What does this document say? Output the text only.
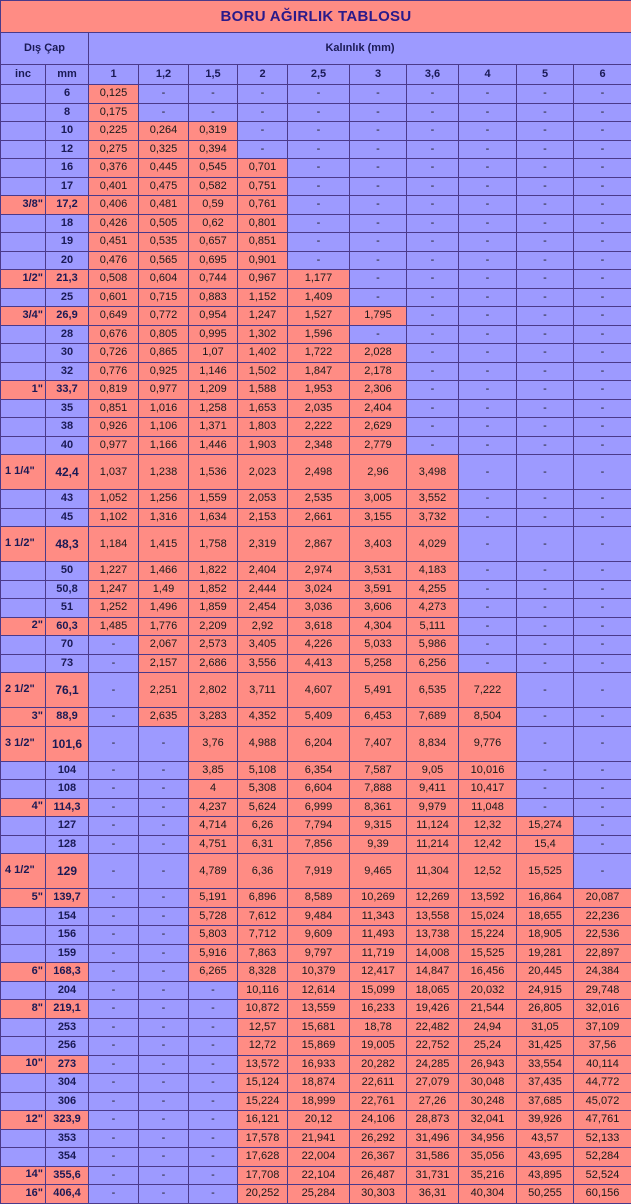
BORU AĞIRLIK TABLOSU											
Dış Çap		Kalınlık (mm)									
inc	mm	1	1,2	1,5	2	2,5	3	3,6	4	5	6
	6	0,125	-	-	-	-	-	-	-	-	-
	8	0,175	-	-	-	-	-	-	-	-	-
	10	0,225	0,264	0,319	-	-	-	-	-	-	-
	12	0,275	0,325	0,394	-	-	-	-	-	-	-
	16	0,376	0,445	0,545	0,701	-	-	-	-	-	-
	17	0,401	0,475	0,582	0,751	-	-	-	-	-	-
3/8"	17,2	0,406	0,481	0,59	0,761	-	-	-	-	-	-
	18	0,426	0,505	0,62	0,801	-	-	-	-	-	-
	19	0,451	0,535	0,657	0,851	-	-	-	-	-	-
	20	0,476	0,565	0,695	0,901	-	-	-	-	-	-
1/2"	21,3	0,508	0,604	0,744	0,967	1,177	-	-	-	-	-
	25	0,601	0,715	0,883	1,152	1,409	-	-	-	-	-
3/4"	26,9	0,649	0,772	0,954	1,247	1,527	1,795	-	-	-	-
	28	0,676	0,805	0,995	1,302	1,596	-	-	-	-	-
	30	0,726	0,865	1,07	1,402	1,722	2,028	-	-	-	-
	32	0,776	0,925	1,146	1,502	1,847	2,178	-	-	-	-
1"	33,7	0,819	0,977	1,209	1,588	1,953	2,306	-	-	-	-
	35	0,851	1,016	1,258	1,653	2,035	2,404	-	-	-	-
	38	0,926	1,106	1,371	1,803	2,222	2,629	-	-	-	-
	40	0,977	1,166	1,446	1,903	2,348	2,779	-	-	-	-
1 1/4"	42,4	1,037	1,238	1,536	2,023	2,498	2,96	3,498	-	-	-
	43	1,052	1,256	1,559	2,053	2,535	3,005	3,552	-	-	-
	45	1,102	1,316	1,634	2,153	2,661	3,155	3,732	-	-	-
1 1/2"	48,3	1,184	1,415	1,758	2,319	2,867	3,403	4,029	-	-	-
	50	1,227	1,466	1,822	2,404	2,974	3,531	4,183	-	-	-
	50,8	1,247	1,49	1,852	2,444	3,024	3,591	4,255	-	-	-
	51	1,252	1,496	1,859	2,454	3,036	3,606	4,273	-	-	-
2"	60,3	1,485	1,776	2,209	2,92	3,618	4,304	5,111	-	-	-
	70	-	2,067	2,573	3,405	4,226	5,033	5,986	-	-	-
	73	-	2,157	2,686	3,556	4,413	5,258	6,256	-	-	-
2 1/2"	76,1	-	2,251	2,802	3,711	4,607	5,491	6,535	7,222	-	-
3"	88,9	-	2,635	3,283	4,352	5,409	6,453	7,689	8,504	-	-
3 1/2"	101,6	-	-	3,76	4,988	6,204	7,407	8,834	9,776	-	-
	104	-	-	3,85	5,108	6,354	7,587	9,05	10,016	-	-
	108	-	-	4	5,308	6,604	7,888	9,411	10,417	-	-
4"	114,3	-	-	4,237	5,624	6,999	8,361	9,979	11,048	-	-
	127	-	-	4,714	6,26	7,794	9,315	11,124	12,32	15,274	-
	128	-	-	4,751	6,31	7,856	9,39	11,214	12,42	15,4	-
4 1/2"	129	-	-	4,789	6,36	7,919	9,465	11,304	12,52	15,525	-
5"	139,7	-	-	5,191	6,896	8,589	10,269	12,269	13,592	16,864	20,087
	154	-	-	5,728	7,612	9,484	11,343	13,558	15,024	18,655	22,236
	156	-	-	5,803	7,712	9,609	11,493	13,738	15,224	18,905	22,536
	159	-	-	5,916	7,863	9,797	11,719	14,008	15,525	19,281	22,897
6"	168,3	-	-	6,265	8,328	10,379	12,417	14,847	16,456	20,445	24,384
	204	-	-	-	10,116	12,614	15,099	18,065	20,032	24,915	29,748
8"	219,1	-	-	-	10,872	13,559	16,233	19,426	21,544	26,805	32,016
	253	-	-	-	12,57	15,681	18,78	22,482	24,94	31,05	37,109
	256	-	-	-	12,72	15,869	19,005	22,752	25,24	31,425	37,56
10"	273	-	-	-	13,572	16,933	20,282	24,285	26,943	33,554	40,114
	304	-	-	-	15,124	18,874	22,611	27,079	30,048	37,435	44,772
	306	-	-	-	15,224	18,999	22,761	27,26	30,248	37,685	45,072
12"	323,9	-	-	-	16,121	20,12	24,106	28,873	32,041	39,926	47,761
	353	-	-	-	17,578	21,941	26,292	31,496	34,956	43,57	52,133
	354	-	-	-	17,628	22,004	26,367	31,586	35,056	43,695	52,284
14"	355,6	-	-	-	17,708	22,104	26,487	31,731	35,216	43,895	52,524
16"	406,4	-	-	-	20,252	25,284	30,303	36,31	40,304	50,255	60,156
